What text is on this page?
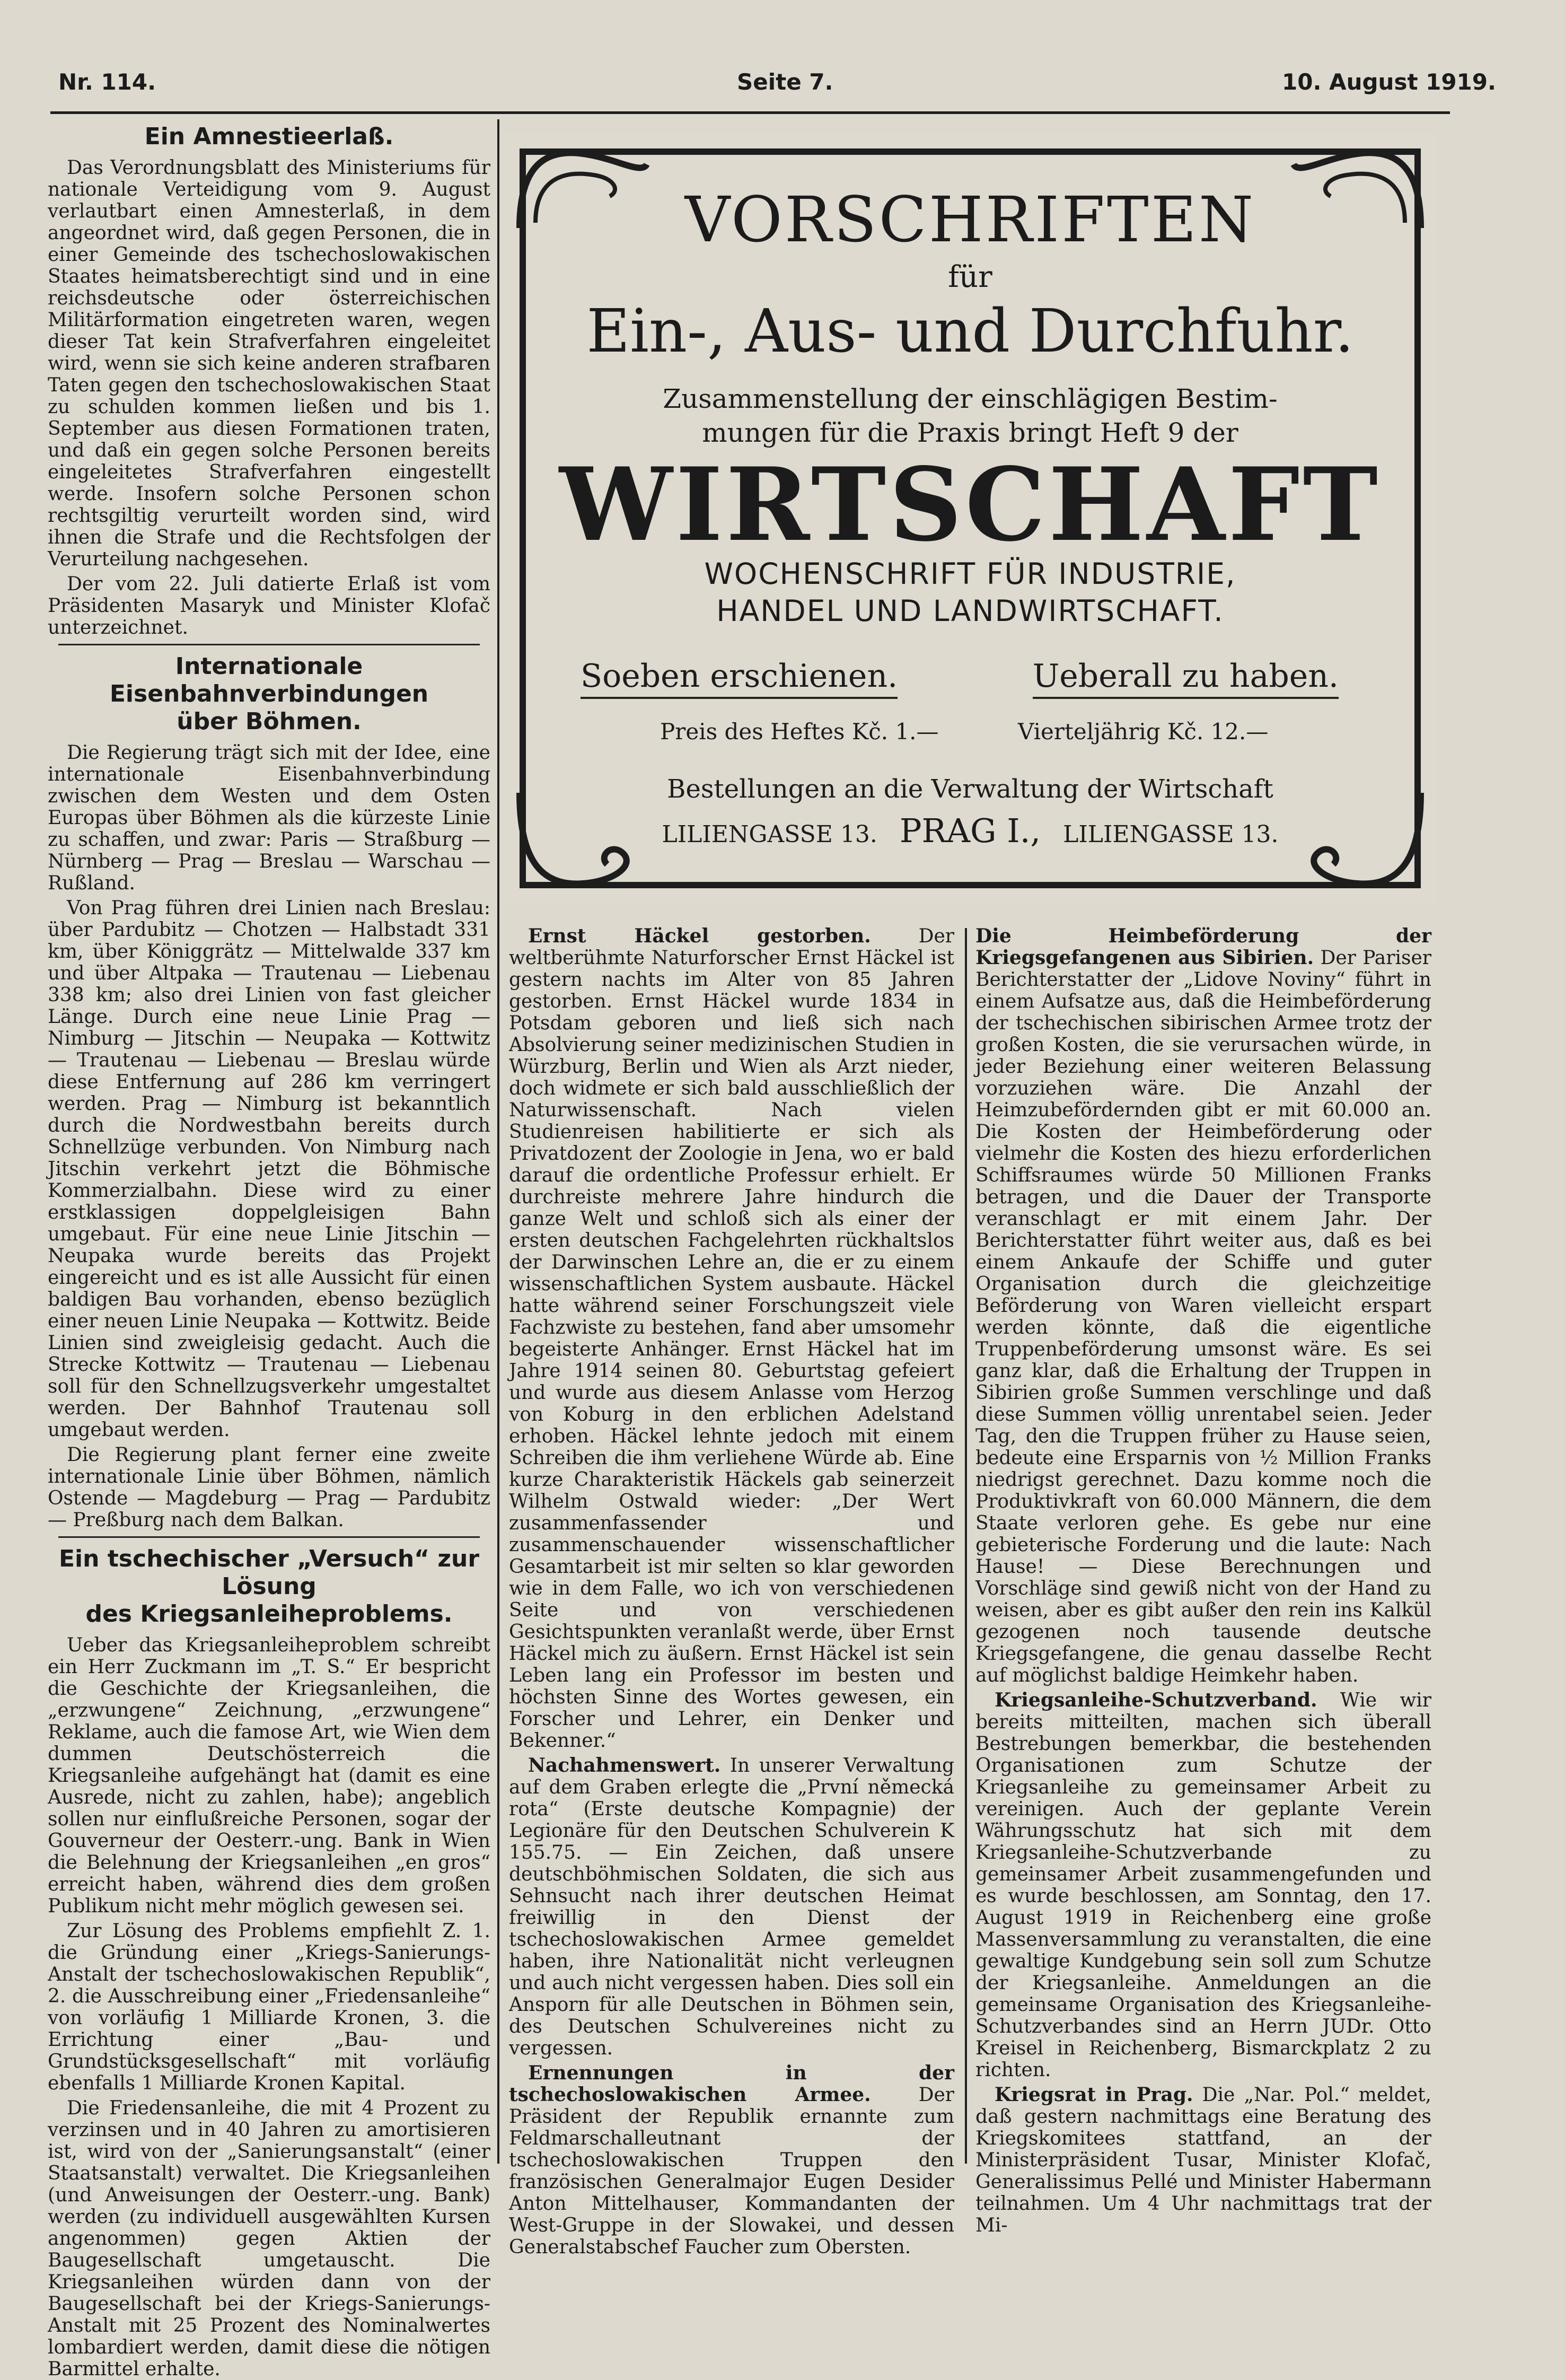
Nr. 114.	Seite 7.	10. August 1919.
Ein Amnestieerlaß.

Das Verordnungsblatt des Ministeriums für nationale Verteidigung vom 9. August verlautbart einen Amnesterlaß, in dem angeordnet wird, daß gegen Personen, die in einer Gemeinde des tschechoslowakischen Staates heimatsberechtigt sind und in eine reichsdeutsche oder österreichischen Militärformation eingetreten waren, wegen dieser Tat kein Strafverfahren eingeleitet wird, wenn sie sich keine anderen strafbaren Taten gegen den tschechoslowakischen Staat zu schulden kommen ließen und bis 1. September aus diesen Formationen traten, und daß ein gegen solche Personen bereits eingeleitetes Strafverfahren eingestellt werde. Insofern solche Personen schon rechtsgiltig verurteilt worden sind, wird ihnen die Strafe und die Rechtsfolgen der Verurteilung nachgesehen.

Der vom 22. Juli datierte Erlaß ist vom Präsidenten Masaryk und Minister Klofač unterzeichnet.

Internationale Eisenbahnverbindungen
über Böhmen.

Die Regierung trägt sich mit der Idee, eine internationale Eisenbahnverbindung zwischen dem Westen und dem Osten Europas über Böhmen als die kürzeste Linie zu schaffen, und zwar: Paris — Straßburg — Nürnberg — Prag — Breslau — Warschau — Rußland.

Von Prag führen drei Linien nach Breslau: über Pardubitz — Chotzen — Halbstadt 331 km, über Königgrätz — Mittelwalde 337 km und über Altpaka — Trautenau — Liebenau 338 km; also drei Linien von fast gleicher Länge. Durch eine neue Linie Prag — Nimburg — Jitschin — Neupaka — Kottwitz — Trautenau — Liebenau — Breslau würde diese Entfernung auf 286 km verringert werden. Prag — Nimburg ist bekanntlich durch die Nordwestbahn bereits durch Schnellzüge verbunden. Von Nimburg nach Jitschin verkehrt jetzt die Böhmische Kommerzialbahn. Diese wird zu einer erstklassigen doppelgleisigen Bahn umgebaut. Für eine neue Linie Jitschin — Neupaka wurde bereits das Projekt eingereicht und es ist alle Aussicht für einen baldigen Bau vorhanden, ebenso bezüglich einer neuen Linie Neupaka — Kottwitz. Beide Linien sind zweigleisig gedacht. Auch die Strecke Kottwitz — Trautenau — Liebenau soll für den Schnellzugsverkehr umgestaltet werden. Der Bahnhof Trautenau soll umgebaut werden.

Die Regierung plant ferner eine zweite internationale Linie über Böhmen, nämlich Ostende — Magdeburg — Prag — Pardubitz — Preßburg nach dem Balkan.

Ein tschechischer „Versuch“ zur Lösung
des Kriegsanleiheproblems.

Ueber das Kriegsanleiheproblem schreibt ein Herr Zuckmann im „T. S.“ Er bespricht die Geschichte der Kriegsanleihen, die „erzwungene“ Zeichnung, „erzwungene“ Reklame, auch die famose Art, wie Wien dem dummen Deutschösterreich die Kriegsanleihe aufgehängt hat (damit es eine Ausrede, nicht zu zahlen, habe); angeblich sollen nur einflußreiche Personen, sogar der Gouverneur der Oesterr.-ung. Bank in Wien die Belehnung der Kriegsanleihen „en gros“ erreicht haben, während dies dem großen Publikum nicht mehr möglich gewesen sei.

Zur Lösung des Problems empfiehlt Z. 1. die Gründung einer „Kriegs-Sanierungs-Anstalt der tschechoslowakischen Republik“, 2. die Ausschreibung einer „Friedensanleihe“ von vorläufig 1 Milliarde Kronen, 3. die Errichtung einer „Bau- und Grundstücksgesellschaft“ mit vorläufig ebenfalls 1 Milliarde Kronen Kapital.

Die Friedensanleihe, die mit 4 Prozent zu verzinsen und in 40 Jahren zu amortisieren ist, wird von der „Sanierungsanstalt“ (einer Staatsanstalt) verwaltet. Die Kriegsanleihen (und Anweisungen der Oesterr.-ung. Bank) werden (zu individuell ausgewählten Kursen angenommen) gegen Aktien der Baugesellschaft umgetauscht. Die Kriegsanleihen würden dann von der Baugesellschaft bei der Kriegs-Sanierungs-Anstalt mit 25 Prozent des Nominalwertes lombardiert werden, damit diese die nötigen Barmittel erhalte.

VORSCHRIFTEN
für
Ein-, Aus- und Durchfuhr.
Zusammenstellung der einschlägigen Bestim-
mungen für die Praxis bringt Heft 9 der
WIRTSCHAFT
WOCHENSCHRIFT FÜR INDUSTRIE,
HANDEL UND LANDWIRTSCHAFT.
Soeben erschienen.	Ueberall zu haben.
Preis des Heftes Kč. 1.—	Vierteljährig Kč. 12.—
Bestellungen an die Verwaltung der Wirtschaft
LILIENGASSE 13. PRAG I., LILIENGASSE 13.

Ernst Häckel gestorben. Der weltberühmte Naturforscher Ernst Häckel ist gestern nachts im Alter von 85 Jahren gestorben. Ernst Häckel wurde 1834 in Potsdam geboren und ließ sich nach Absolvierung seiner medizinischen Studien in Würzburg, Berlin und Wien als Arzt nieder, doch widmete er sich bald ausschließlich der Naturwissenschaft. Nach vielen Studienreisen habilitierte er sich als Privatdozent der Zoologie in Jena, wo er bald darauf die ordentliche Professur erhielt. Er durchreiste mehrere Jahre hindurch die ganze Welt und schloß sich als einer der ersten deutschen Fachgelehrten rückhaltslos der Darwinschen Lehre an, die er zu einem wissenschaftlichen System ausbaute. Häckel hatte während seiner Forschungszeit viele Fachzwiste zu bestehen, fand aber umsomehr begeisterte Anhänger. Ernst Häckel hat im Jahre 1914 seinen 80. Geburtstag gefeiert und wurde aus diesem Anlasse vom Herzog von Koburg in den erblichen Adelstand erhoben. Häckel lehnte jedoch mit einem Schreiben die ihm verliehene Würde ab. Eine kurze Charakteristik Häckels gab seinerzeit Wilhelm Ostwald wieder: „Der Wert zusammenfassender und zusammenschauender wissenschaftlicher Gesamtarbeit ist mir selten so klar geworden wie in dem Falle, wo ich von verschiedenen Seite und von verschiedenen Gesichtspunkten veranlaßt werde, über Ernst Häckel mich zu äußern. Ernst Häckel ist sein Leben lang ein Professor im besten und höchsten Sinne des Wortes gewesen, ein Forscher und Lehrer, ein Denker und Bekenner.“

Nachahmenswert. In unserer Verwaltung auf dem Graben erlegte die „První německá rota“ (Erste deutsche Kompagnie) der Legionäre für den Deutschen Schulverein K 155.75. — Ein Zeichen, daß unsere deutschböhmischen Soldaten, die sich aus Sehnsucht nach ihrer deutschen Heimat freiwillig in den Dienst der tschechoslowakischen Armee gemeldet haben, ihre Nationalität nicht verleugnen und auch nicht vergessen haben. Dies soll ein Ansporn für alle Deutschen in Böhmen sein, des Deutschen Schulvereines nicht zu vergessen.

Ernennungen in der tschechoslowakischen Armee. Der Präsident der Republik ernannte zum Feldmarschalleutnant der tschechoslowakischen Truppen den französischen Generalmajor Eugen Desider Anton Mittelhauser, Kommandanten der West-Gruppe in der Slowakei, und dessen Generalstabschef Faucher zum Obersten.

Die Heimbeförderung der Kriegsgefangenen aus Sibirien. Der Pariser Berichterstatter der „Lidove Noviny“ führt in einem Aufsatze aus, daß die Heimbeförderung der tschechischen sibirischen Armee trotz der großen Kosten, die sie verursachen würde, in jeder Beziehung einer weiteren Belassung vorzuziehen wäre. Die Anzahl der Heimzubefördernden gibt er mit 60.000 an. Die Kosten der Heimbeförderung oder vielmehr die Kosten des hiezu erforderlichen Schiffsraumes würde 50 Millionen Franks betragen, und die Dauer der Transporte veranschlagt er mit einem Jahr. Der Berichterstatter führt weiter aus, daß es bei einem Ankaufe der Schiffe und guter Organisation durch die gleichzeitige Beförderung von Waren vielleicht erspart werden könnte, daß die eigentliche Truppenbeförderung umsonst wäre. Es sei ganz klar, daß die Erhaltung der Truppen in Sibirien große Summen verschlinge und daß diese Summen völlig unrentabel seien. Jeder Tag, den die Truppen früher zu Hause seien, bedeute eine Ersparnis von ½ Million Franks niedrigst gerechnet. Dazu komme noch die Produktivkraft von 60.000 Männern, die dem Staate verloren gehe. Es gebe nur eine gebieterische Forderung und die laute: Nach Hause! — Diese Berechnungen und Vorschläge sind gewiß nicht von der Hand zu weisen, aber es gibt außer den rein ins Kalkül gezogenen noch tausende deutsche Kriegsgefangene, die genau dasselbe Recht auf möglichst baldige Heimkehr haben.

Kriegsanleihe-Schutzverband. Wie wir bereits mitteilten, machen sich überall Bestrebungen bemerkbar, die bestehenden Organisationen zum Schutze der Kriegsanleihe zu gemeinsamer Arbeit zu vereinigen. Auch der geplante Verein Währungsschutz hat sich mit dem Kriegsanleihe-Schutzverbande zu gemeinsamer Arbeit zusammengefunden und es wurde beschlossen, am Sonntag, den 17. August 1919 in Reichenberg eine große Massenversammlung zu veranstalten, die eine gewaltige Kundgebung sein soll zum Schutze der Kriegsanleihe. Anmeldungen an die gemeinsame Organisation des Kriegsanleihe-Schutzverbandes sind an Herrn JUDr. Otto Kreisel in Reichenberg, Bismarckplatz 2 zu richten.

Kriegsrat in Prag. Die „Nar. Pol.“ meldet, daß gestern nachmittags eine Beratung des Kriegskomitees stattfand, an der Ministerpräsident Tusar, Minister Klofač, Generalissimus Pellé und Minister Habermann teilnahmen. Um 4 Uhr nachmittags trat der Mi-
